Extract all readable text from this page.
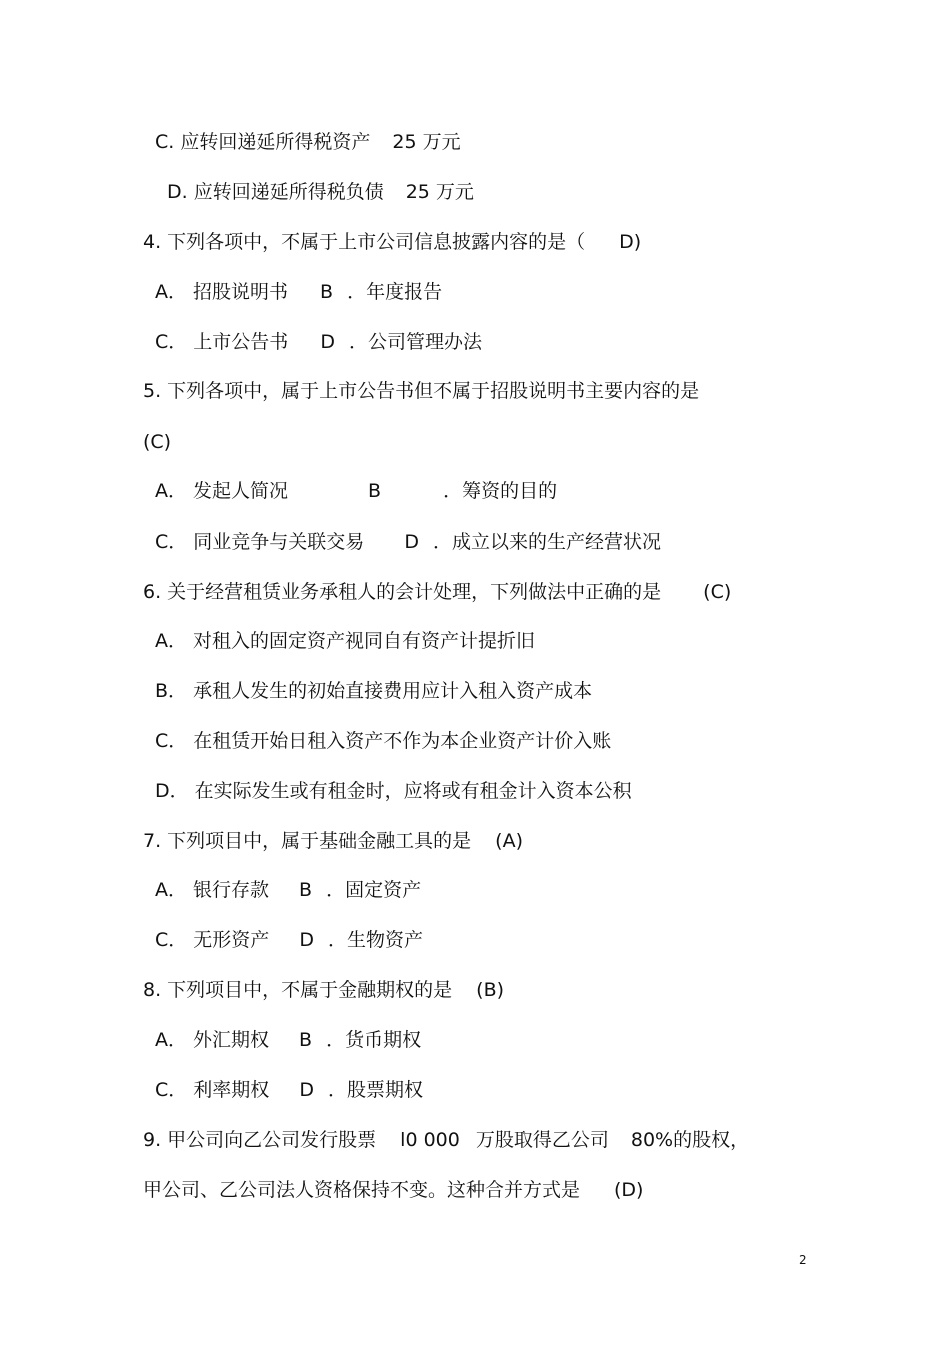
C. 应转回递延所得税资产 25 万元
D. 应转回递延所得税负债 25 万元
4. 下列各项中，不属于上市公司信息披露内容的是（ D)
A． 招股说明书 B ．年度报告
C． 上市公告书 D ．公司管理办法
5. 下列各项中，属于上市公告书但不属于招股说明书主要内容的是
(C)
A． 发起人简况	B	．筹资的目的
C． 同业竞争与关联交易 D ．成立以来的生产经营状况
6. 关于经营租赁业务承租人的会计处理，下列做法中正确的是 (C)
A． 对租入的固定资产视同自有资产计提折旧
B． 承租人发生的初始直接费用应计入租入资产成本
C． 在租赁开始日租入资产不作为本企业资产计价入账
D． 在实际发生或有租金时，应将或有租金计入资本公积
7. 下列项目中，属于基础金融工具的是 (A)
A． 银行存款 B ．固定资产
C． 无形资产 D ．生物资产
8. 下列项目中，不属于金融期权的是 (B)
A． 外汇期权 B ．货币期权
C． 利率期权 D ．股票期权
9. 甲公司向乙公司发行股票 l0 000 万股取得乙公司 80%的股权，
甲公司、乙公司法人资格保持不变。这种合并方式是 (D)
2
